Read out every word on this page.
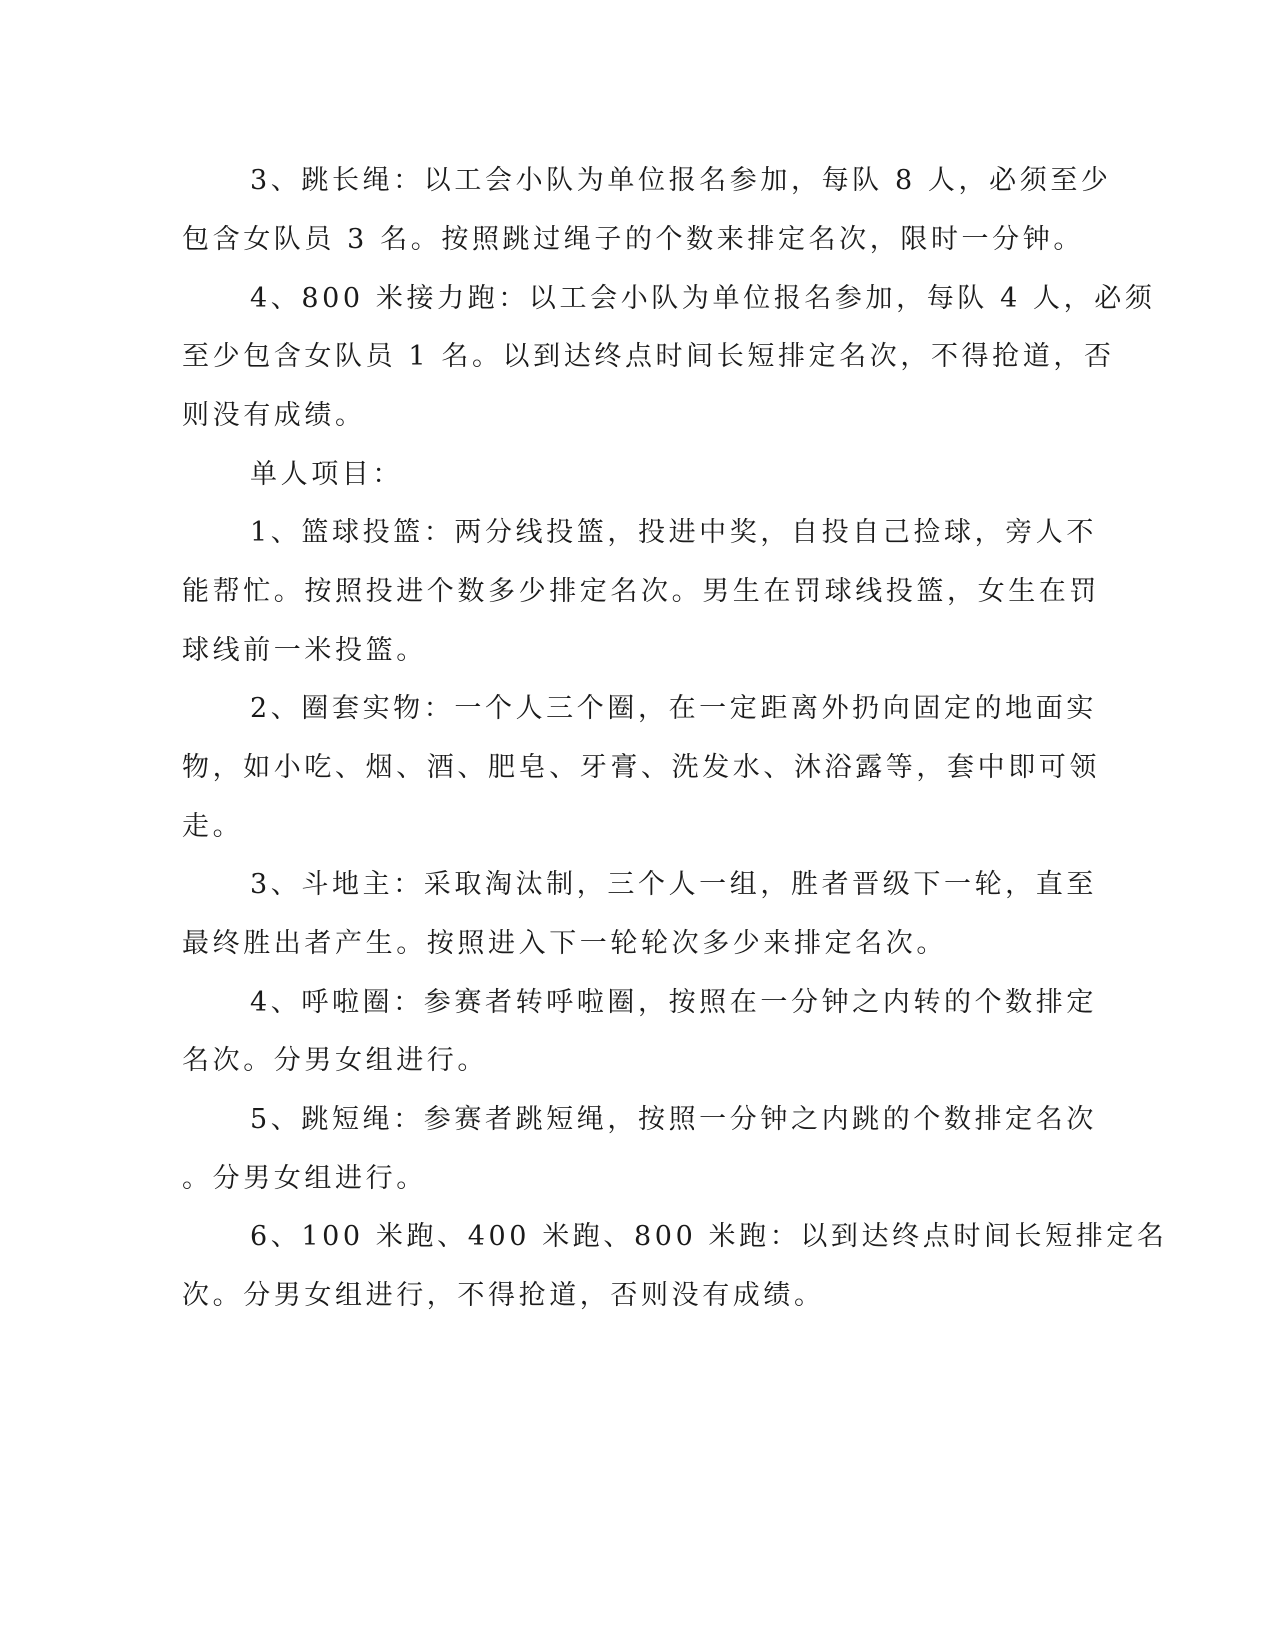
3、跳长绳：以工会小队为单位报名参加，每队 8 人，必须至少
包含女队员 3 名。按照跳过绳子的个数来排定名次，限时一分钟。
4、800 米接力跑：以工会小队为单位报名参加，每队 4 人，必须
至少包含女队员 1 名。以到达终点时间长短排定名次，不得抢道，否
则没有成绩。
单人项目：
1、篮球投篮：两分线投篮，投进中奖，自投自己捡球，旁人不
能帮忙。按照投进个数多少排定名次。男生在罚球线投篮，女生在罚
球线前一米投篮。
2、圈套实物：一个人三个圈，在一定距离外扔向固定的地面实
物，如小吃、烟、酒、肥皂、牙膏、洗发水、沐浴露等，套中即可领
走。
3、斗地主：采取淘汰制，三个人一组，胜者晋级下一轮，直至
最终胜出者产生。按照进入下一轮轮次多少来排定名次。
4、呼啦圈：参赛者转呼啦圈，按照在一分钟之内转的个数排定
名次。分男女组进行。
5、跳短绳：参赛者跳短绳，按照一分钟之内跳的个数排定名次
。分男女组进行。
6、100 米跑、400 米跑、800 米跑：以到达终点时间长短排定名
次。分男女组进行，不得抢道，否则没有成绩。
